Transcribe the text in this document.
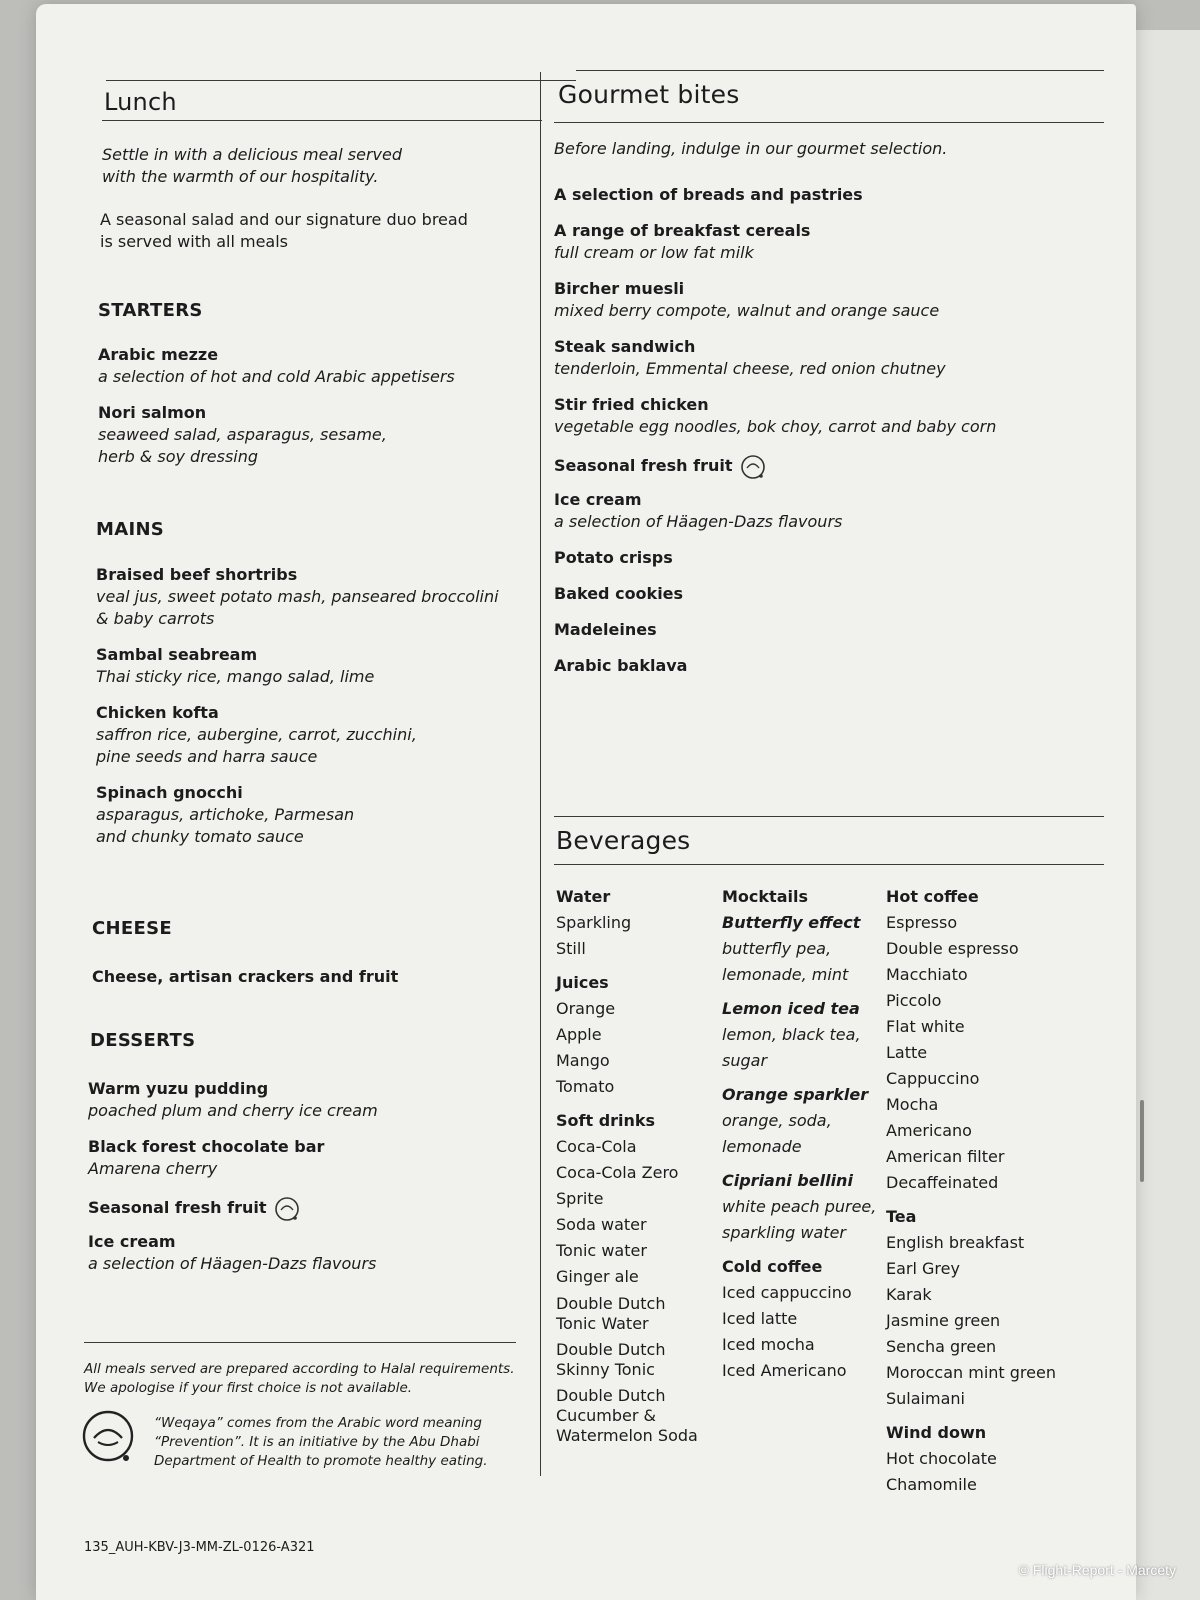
Lunch
Settle in with a delicious meal served
with the warmth of our hospitality.
A seasonal salad and our signature duo bread
is served with all meals
STARTERS
Arabic mezze
a selection of hot and cold Arabic appetisers
Nori salmon
seaweed salad, asparagus, sesame,
herb & soy dressing
MAINS
Braised beef shortribs
veal jus, sweet potato mash, panseared broccolini
& baby carrots
Sambal seabream
Thai sticky rice, mango salad, lime
Chicken kofta
saffron rice, aubergine, carrot, zucchini,
pine seeds and harra sauce
Spinach gnocchi
asparagus, artichoke, Parmesan
and chunky tomato sauce
CHEESE
Cheese, artisan crackers and fruit
DESSERTS
Warm yuzu pudding
poached plum and cherry ice cream
Black forest chocolate bar
Amarena cherry
Seasonal fresh fruit
Ice cream
a selection of Häagen-Dazs flavours
All meals served are prepared according to Halal requirements.
We apologise if your first choice is not available.
“Weqaya” comes from the Arabic word meaning
“Prevention”. It is an initiative by the Abu Dhabi
Department of Health to promote healthy eating.
135_AUH-KBV-J3-MM-ZL-0126-A321
Gourmet bites
Before landing, indulge in our gourmet selection.
A selection of breads and pastries
A range of breakfast cereals
full cream or low fat milk
Bircher muesli
mixed berry compote, walnut and orange sauce
Steak sandwich
tenderloin, Emmental cheese, red onion chutney
Stir fried chicken
vegetable egg noodles, bok choy, carrot and baby corn
Seasonal fresh fruit
Ice cream
a selection of Häagen-Dazs flavours
Potato crisps
Baked cookies
Madeleines
Arabic baklava
Beverages
Water
Sparkling
Still
Juices
Orange
Apple
Mango
Tomato
Soft drinks
Coca-Cola
Coca-Cola Zero
Sprite
Soda water
Tonic water
Ginger ale
Double Dutch
Tonic Water
Double Dutch
Skinny Tonic
Double Dutch
Cucumber &
Watermelon Soda
Mocktails
Butterfly effect
butterfly pea,
lemonade, mint
Lemon iced tea
lemon, black tea,
sugar
Orange sparkler
orange, soda,
lemonade
Cipriani bellini
white peach puree,
sparkling water
Cold coffee
Iced cappuccino
Iced latte
Iced mocha
Iced Americano
Hot coffee
Espresso
Double espresso
Macchiato
Piccolo
Flat white
Latte
Cappuccino
Mocha
Americano
American filter
Decaffeinated
Tea
English breakfast
Earl Grey
Karak
Jasmine green
Sencha green
Moroccan mint green
Sulaimani
Wind down
Hot chocolate
Chamomile
© Flight-Report - Marcety
